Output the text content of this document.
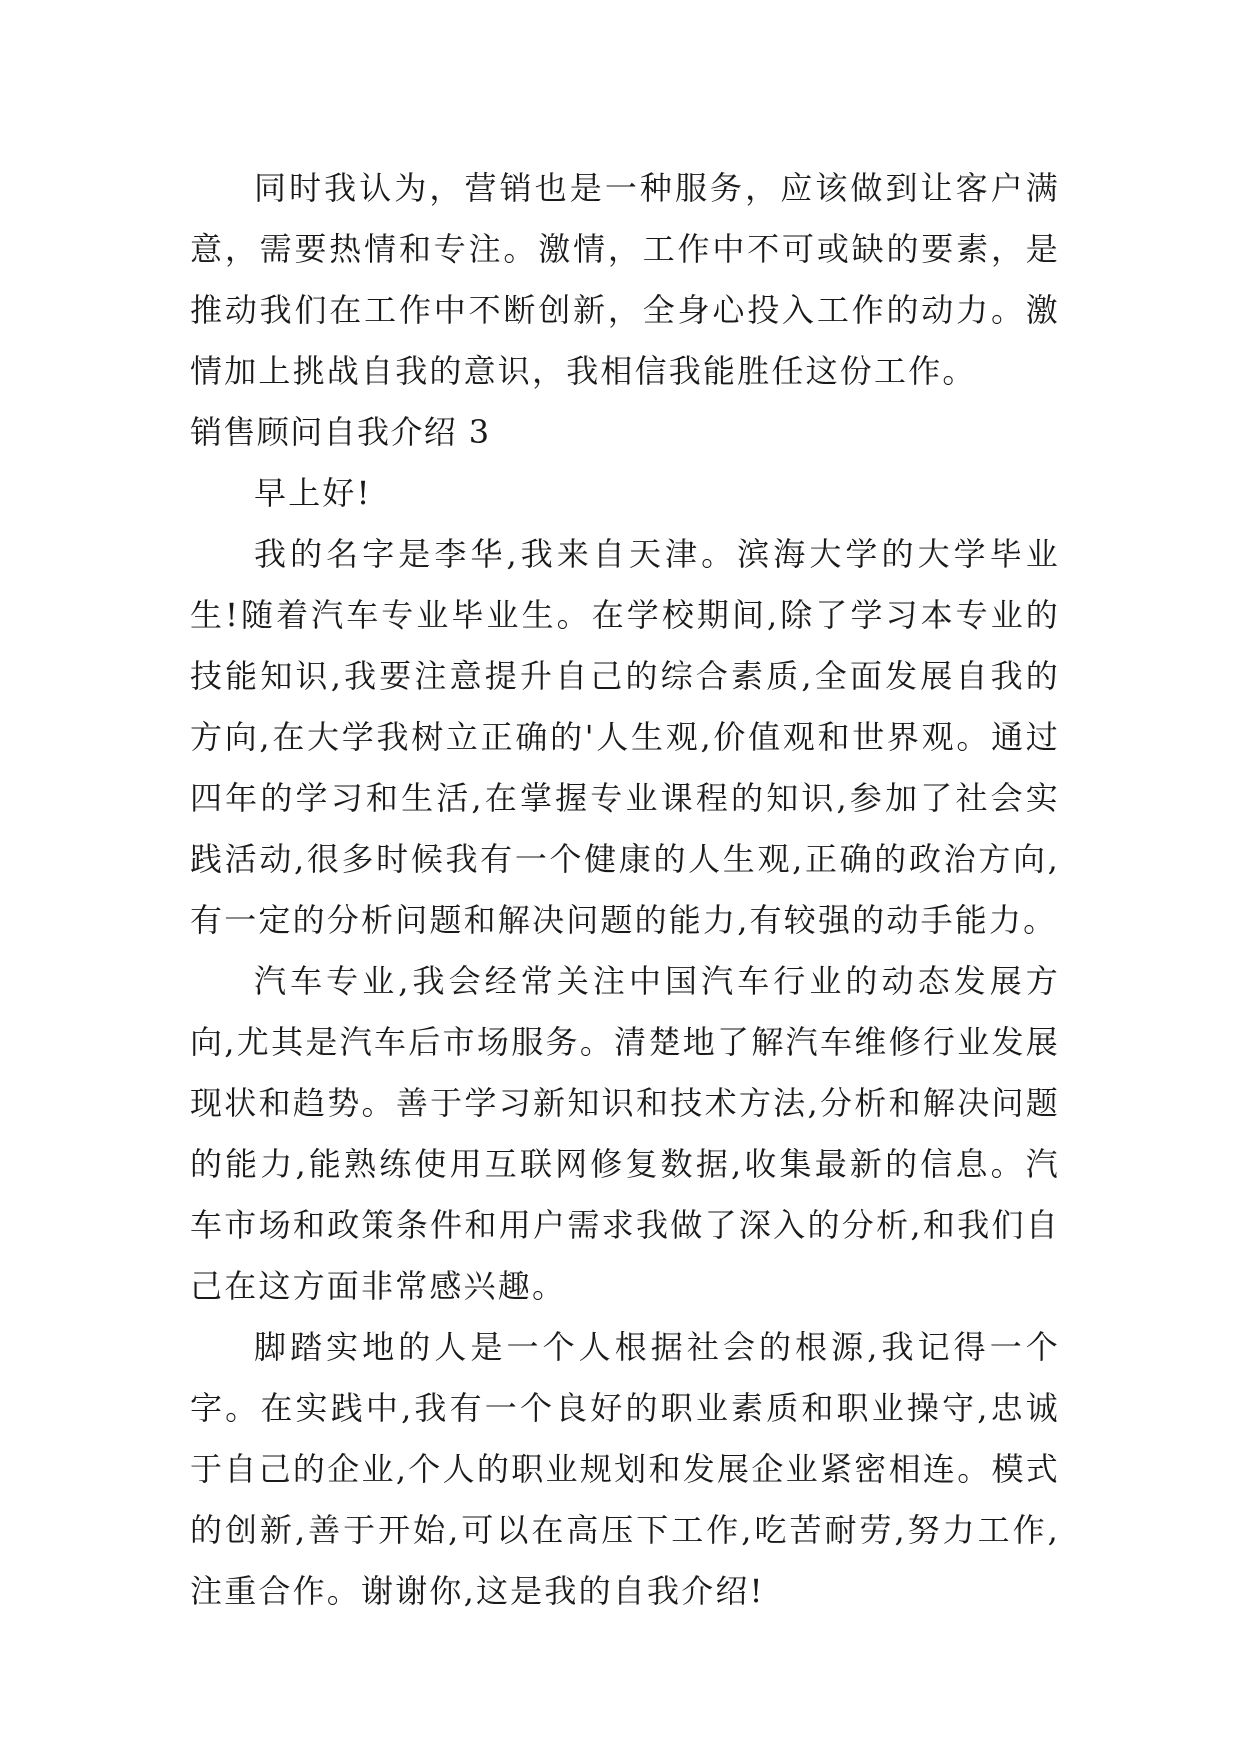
同时我认为，营销也是一种服务，应该做到让客户满意，需要热情和专注。激情，工作中不可或缺的要素，是推动我们在工作中不断创新，全身心投入工作的动力。激情加上挑战自我的意识，我相信我能胜任这份工作。

销售顾问自我介绍 3

早上好!

我的名字是李华,我来自天津。滨海大学的大学毕业生!随着汽车专业毕业生。在学校期间,除了学习本专业的技能知识,我要注意提升自己的综合素质,全面发展自我的方向,在大学我树立正确的'人生观,价值观和世界观。通过四年的学习和生活,在掌握专业课程的知识,参加了社会实践活动,很多时候我有一个健康的人生观,正确的政治方向,有一定的分析问题和解决问题的能力,有较强的动手能力。

汽车专业,我会经常关注中国汽车行业的动态发展方向,尤其是汽车后市场服务。清楚地了解汽车维修行业发展现状和趋势。善于学习新知识和技术方法,分析和解决问题的能力,能熟练使用互联网修复数据,收集最新的信息。汽车市场和政策条件和用户需求我做了深入的分析,和我们自己在这方面非常感兴趣。

脚踏实地的人是一个人根据社会的根源,我记得一个字。在实践中,我有一个良好的职业素质和职业操守,忠诚于自己的企业,个人的职业规划和发展企业紧密相连。模式的创新,善于开始,可以在高压下工作,吃苦耐劳,努力工作,注重合作。谢谢你,这是我的自我介绍!
